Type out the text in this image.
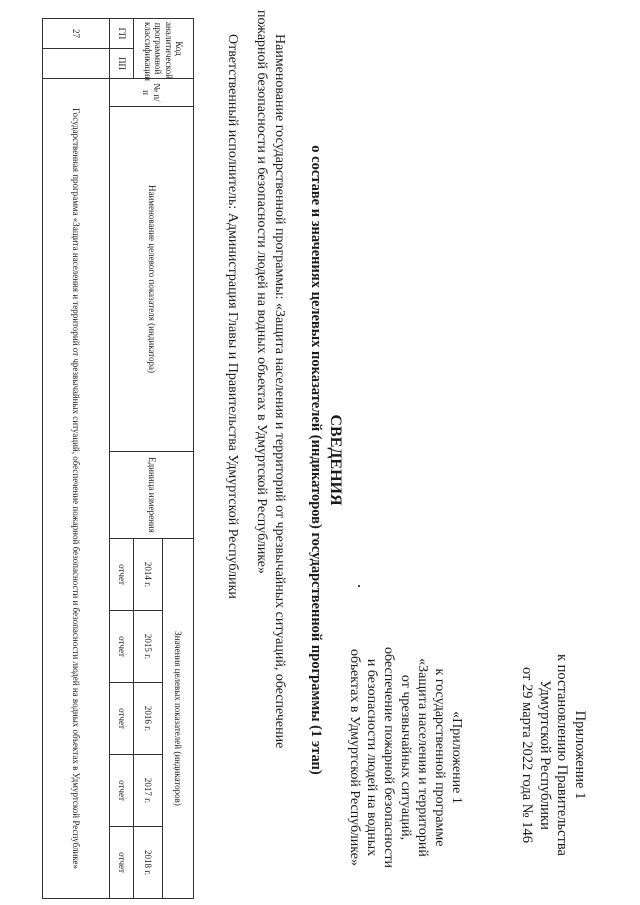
Приложение 1
к постановлению Правительства
Удмуртской Республики
от 29 марта 2022 года № 146
«Приложение 1
к государственной программе
«Защита населения и территорий
от чрезвычайных ситуаций,
обеспечение пожарной безопасности
и безопасности людей на водных
объектах в Удмуртской Республике»
СВЕДЕНИЯ
о составе и значениях целевых показателей (индикаторов) государственной программы (1 этап)
Наименование государственной программы: «Защита населения и территорий от чрезвычайных ситуаций, обеспечение
пожарной безопасности и безопасности людей на водных объектах в Удмуртской Республике»
Ответственный исполнитель: Администрация Главы и Правительства Удмуртской Республики
Код аналитической программной классификации		№ п/п	Наименование целевого показателя (индикатора)	Единица измерения	Значения целевых показателей (индикаторов)				
					2014 г.	2015 г.	2016 г.	2017 г.	2018 г.
ГП	ПП				отчет	отчет	отчет	отчет	отчет
27		Государственная программа «Защита населения и территорий от чрезвычайных ситуаций, обеспечение пожарной безопасности и безопасности людей на водных объектах в Удмуртской Республике»							
